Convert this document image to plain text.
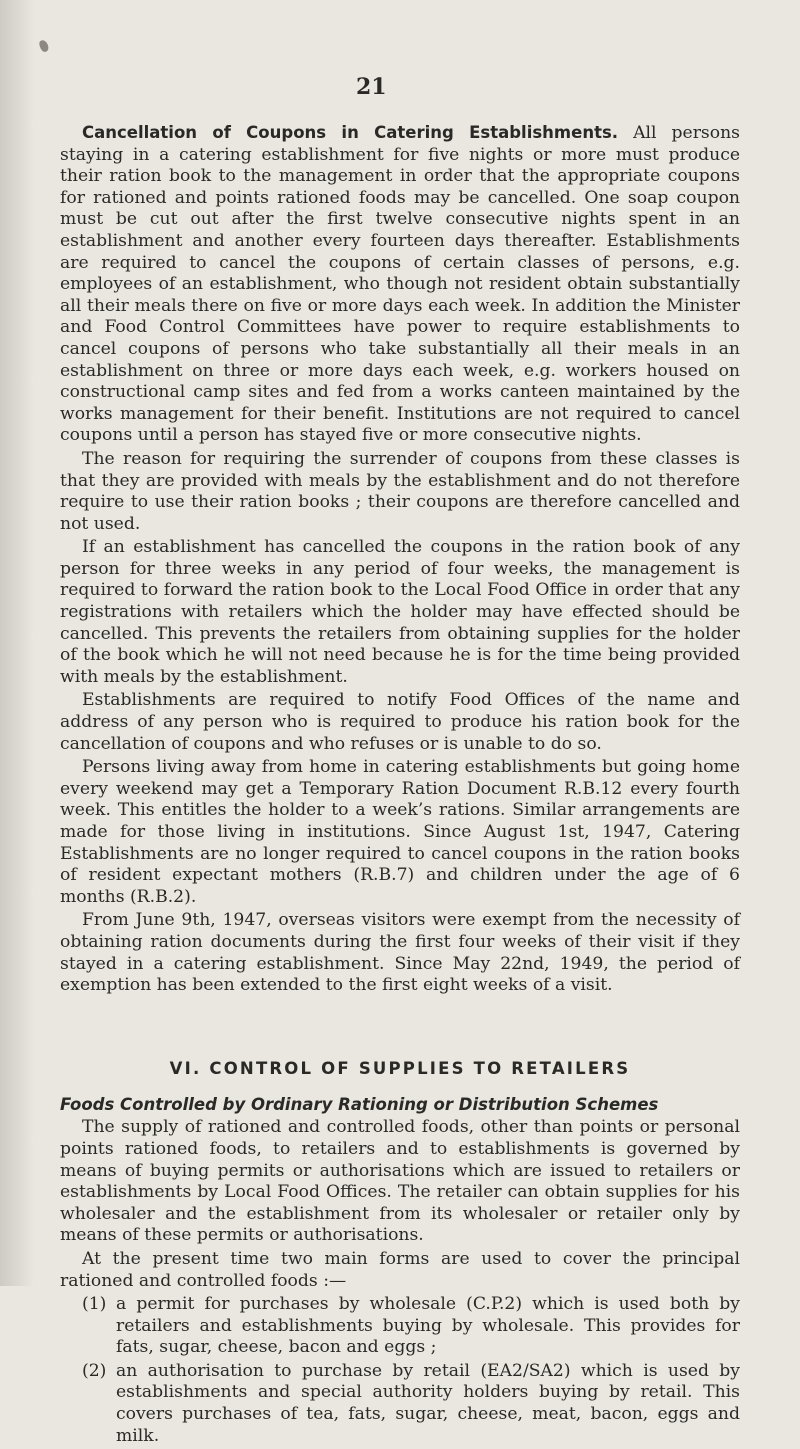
21

Cancellation of Coupons in Catering Establishments. All persons staying in a catering establishment for five nights or more must produce their ration book to the management in order that the appropriate coupons for rationed and points rationed foods may be cancelled. One soap coupon must be cut out after the first twelve consecutive nights spent in an establishment and another every fourteen days thereafter. Establishments are required to cancel the coupons of certain classes of persons, e.g. employees of an establishment, who though not resident obtain substantially all their meals there on five or more days each week. In addition the Minister and Food Control Committees have power to require establishments to cancel coupons of persons who take substantially all their meals in an establishment on three or more days each week, e.g. workers housed on constructional camp sites and fed from a works canteen maintained by the works management for their benefit. Institutions are not required to cancel coupons until a person has stayed five or more consecutive nights.

The reason for requiring the surrender of coupons from these classes is that they are provided with meals by the establishment and do not therefore require to use their ration books ; their coupons are therefore cancelled and not used.

If an establishment has cancelled the coupons in the ration book of any person for three weeks in any period of four weeks, the management is required to forward the ration book to the Local Food Office in order that any registrations with retailers which the holder may have effected should be cancelled. This prevents the retailers from obtaining supplies for the holder of the book which he will not need because he is for the time being provided with meals by the establishment.

Establishments are required to notify Food Offices of the name and address of any person who is required to produce his ration book for the cancellation of coupons and who refuses or is unable to do so.

Persons living away from home in catering establishments but going home every weekend may get a Temporary Ration Document R.B.12 every fourth week. This entitles the holder to a week’s rations. Similar arrangements are made for those living in institutions. Since August 1st, 1947, Catering Establishments are no longer required to cancel coupons in the ration books of resident expectant mothers (R.B.7) and children under the age of 6 months (R.B.2).

From June 9th, 1947, overseas visitors were exempt from the necessity of obtaining ration documents during the first four weeks of their visit if they stayed in a catering establishment. Since May 22nd, 1949, the period of exemption has been extended to the first eight weeks of a visit.

VI. CONTROL OF SUPPLIES TO RETAILERS
Foods Controlled by Ordinary Rationing or Distribution Schemes

The supply of rationed and controlled foods, other than points or personal points rationed foods, to retailers and to establishments is governed by means of buying permits or authorisations which are issued to retailers or establishments by Local Food Offices. The retailer can obtain supplies for his wholesaler and the establishment from its wholesaler or retailer only by means of these permits or authorisations.

At the present time two main forms are used to cover the principal rationed and controlled foods :—

(1) a permit for purchases by wholesale (C.P.2) which is used both by retailers and establishments buying by wholesale. This provides for fats, sugar, cheese, bacon and eggs ;
(2) an authorisation to purchase by retail (EA2/SA2) which is used by establishments and special authority holders buying by retail. This covers purchases of tea, fats, sugar, cheese, meat, bacon, eggs and milk.
